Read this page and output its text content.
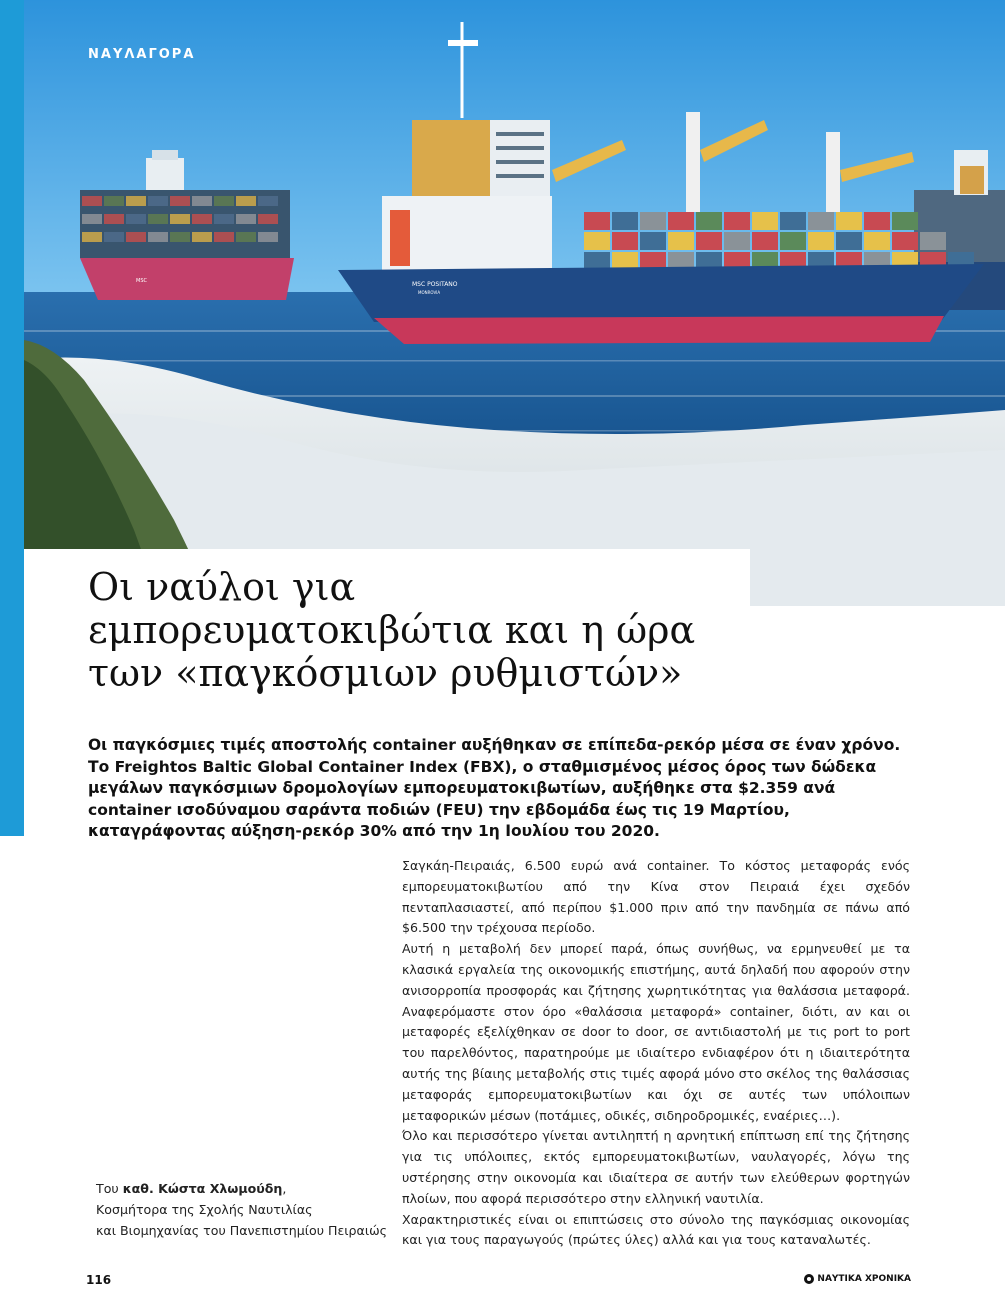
MSC	MSC POSITANO
MONROVIA
ΝΑΥΛΑΓΟΡΑ
Οι ναύλοι για εμπορευματοκιβώτια και η ώρα των «παγκόσμιων ρυθμιστών»

Οι παγκόσμιες τιμές αποστολής container αυξήθηκαν σε επίπεδα-ρεκόρ μέσα σε έναν χρόνο. Το Freightos Baltic Global Container Index (FBX), ο σταθμισμένος μέσος όρος των δώδεκα μεγάλων παγκόσμιων δρομολογίων εμπορευματοκιβωτίων, αυξήθηκε στα $2.359 ανά container ισοδύναμου σαράντα ποδιών (FEU) την εβδομάδα έως τις 19 Μαρτίου, καταγράφοντας αύξηση-ρεκόρ 30% από την 1η Ιουλίου του 2020.

Σαγκάη-Πειραιάς, 6.500 ευρώ ανά container. Το κόστος μεταφοράς ενός εμπορευματοκιβωτίου από την Κίνα στον Πειραιά έχει σχεδόν πενταπλασιαστεί, από περίπου $1.000 πριν από την πανδημία σε πάνω από $6.500 την τρέχουσα περίοδο.

Αυτή η μεταβολή δεν μπορεί παρά, όπως συνήθως, να ερμηνευθεί με τα κλασικά εργαλεία της οικονομικής επιστήμης, αυτά δηλαδή που αφορούν στην ανισορροπία προσφοράς και ζήτησης χωρητικότητας για θαλάσσια μεταφορά. Αναφερόμαστε στον όρο «θαλάσσια μεταφορά» container, διότι, αν και οι μεταφορές εξελίχθηκαν σε door to door, σε αντιδιαστολή με τις port to port του παρελθόντος, παρατηρούμε με ιδιαίτερο ενδιαφέρον ότι η ιδιαιτερότητα αυτής της βίαιης μεταβολής στις τιμές αφορά μόνο στο σκέλος της θαλάσσιας μεταφοράς εμπορευματοκιβωτίων και όχι σε αυτές των υπόλοιπων μεταφορικών μέσων (ποτάμιες, οδικές, σιδηροδρομικές, εναέριες…).

Όλο και περισσότερο γίνεται αντιληπτή η αρνητική επίπτωση επί της ζήτησης για τις υπόλοιπες, εκτός εμπορευματοκιβωτίων, ναυλαγορές, λόγω της υστέρησης στην οικονομία και ιδιαίτερα σε αυτήν των ελεύθερων φορτηγών πλοίων, που αφορά περισσότερο στην ελληνική ναυτιλία.

Χαρακτηριστικές είναι οι επιπτώσεις στο σύνολο της παγκόσμιας οικονομίας και για τους παραγωγούς (πρώτες ύλες) αλλά και για τους καταναλωτές.

Του καθ. Κώστα Χλωμούδη,
Κοσμήτορα της Σχολής Ναυτιλίας
και Βιομηχανίας του Πανεπιστημίου Πειραιώς
116	ΝΑΥΤΙΚΑ ΧΡΟΝΙΚΑ
